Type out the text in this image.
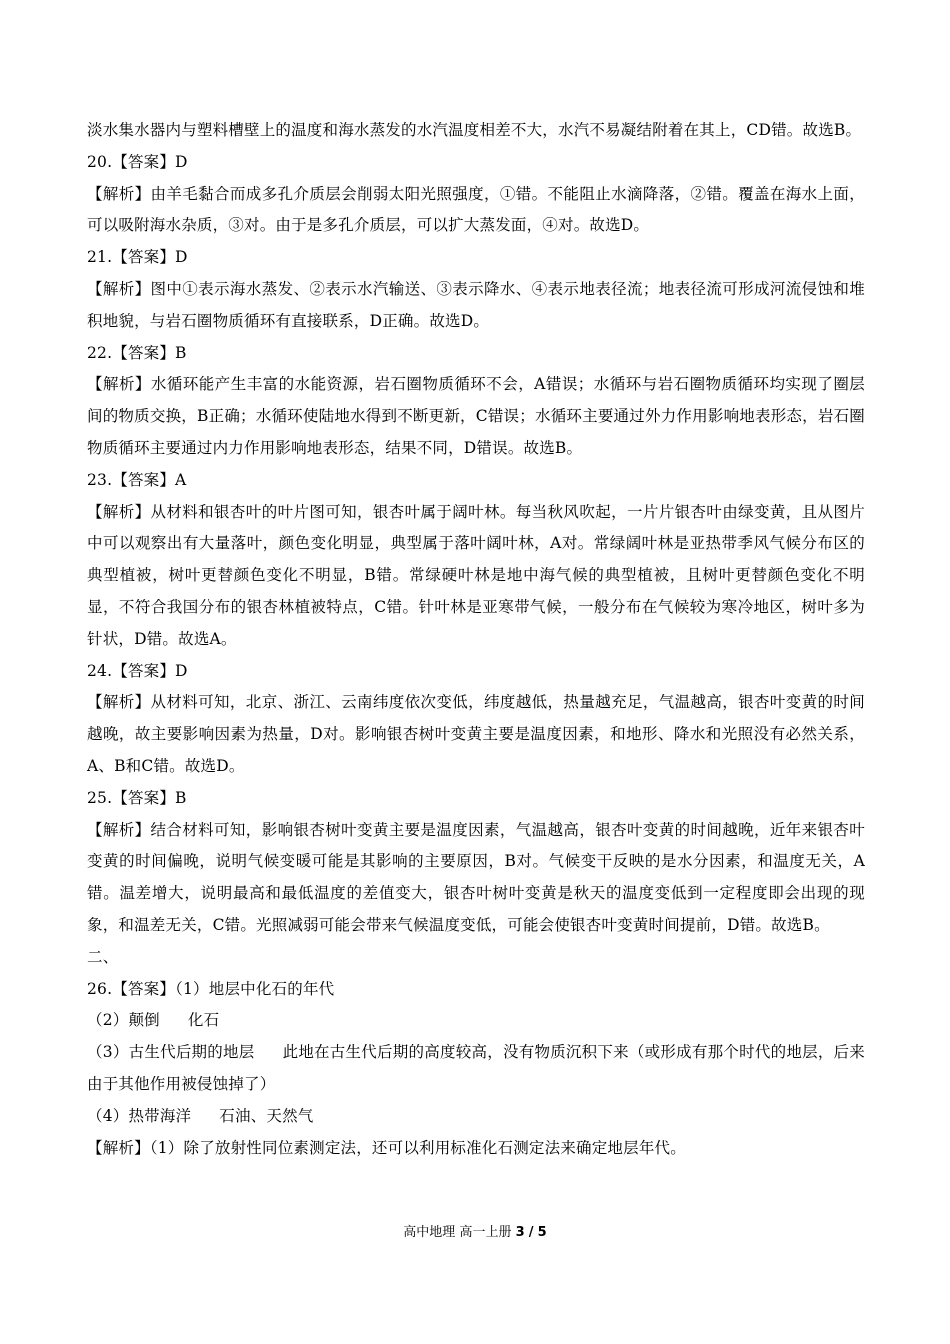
淡水集水器内与塑料槽壁上的温度和海水蒸发的水汽温度相差不大，水汽不易凝结附着在其上，CD错。故选B。

20.【答案】D

【解析】由羊毛黏合而成多孔介质层会削弱太阳光照强度，①错。不能阻止水滴降落，②错。覆盖在海水上面，可以吸附海水杂质，③对。由于是多孔介质层，可以扩大蒸发面，④对。故选D。

21.【答案】D

【解析】图中①表示海水蒸发、②表示水汽输送、③表示降水、④表示地表径流；地表径流可形成河流侵蚀和堆积地貌，与岩石圈物质循环有直接联系，D正确。故选D。

22.【答案】B

【解析】水循环能产生丰富的水能资源，岩石圈物质循环不会，A错误；水循环与岩石圈物质循环均实现了圈层间的物质交换，B正确；水循环使陆地水得到不断更新，C错误；水循环主要通过外力作用影响地表形态，岩石圈物质循环主要通过内力作用影响地表形态，结果不同，D错误。故选B。

23.【答案】A

【解析】从材料和银杏叶的叶片图可知，银杏叶属于阔叶林。每当秋风吹起，一片片银杏叶由绿变黄，且从图片中可以观察出有大量落叶，颜色变化明显，典型属于落叶阔叶林，A对。常绿阔叶林是亚热带季风气候分布区的典型植被，树叶更替颜色变化不明显，B错。常绿硬叶林是地中海气候的典型植被，且树叶更替颜色变化不明显，不符合我国分布的银杏林植被特点，C错。针叶林是亚寒带气候，一般分布在气候较为寒冷地区，树叶多为针状，D错。故选A。

24.【答案】D

【解析】从材料可知，北京、浙江、云南纬度依次变低，纬度越低，热量越充足，气温越高，银杏叶变黄的时间越晚，故主要影响因素为热量，D对。影响银杏树叶变黄主要是温度因素，和地形、降水和光照没有必然关系，A、B和C错。故选D。

25.【答案】B

【解析】结合材料可知，影响银杏树叶变黄主要是温度因素，气温越高，银杏叶变黄的时间越晚，近年来银杏叶变黄的时间偏晚，说明气候变暖可能是其影响的主要原因，B对。气候变干反映的是水分因素，和温度无关，A错。温差增大，说明最高和最低温度的差值变大，银杏叶树叶变黄是秋天的温度变低到一定程度即会出现的现象，和温差无关，C错。光照减弱可能会带来气候温度变低，可能会使银杏叶变黄时间提前，D错。故选B。

二、

26.【答案】（1）地层中化石的年代

（2）颠倒 化石

（3）古生代后期的地层 此地在古生代后期的高度较高，没有物质沉积下来（或形成有那个时代的地层，后来由于其他作用被侵蚀掉了）

（4）热带海洋 石油、天然气

【解析】（1）除了放射性同位素测定法，还可以利用标准化石测定法来确定地层年代。

高中地理 高一上册 3 / 5
